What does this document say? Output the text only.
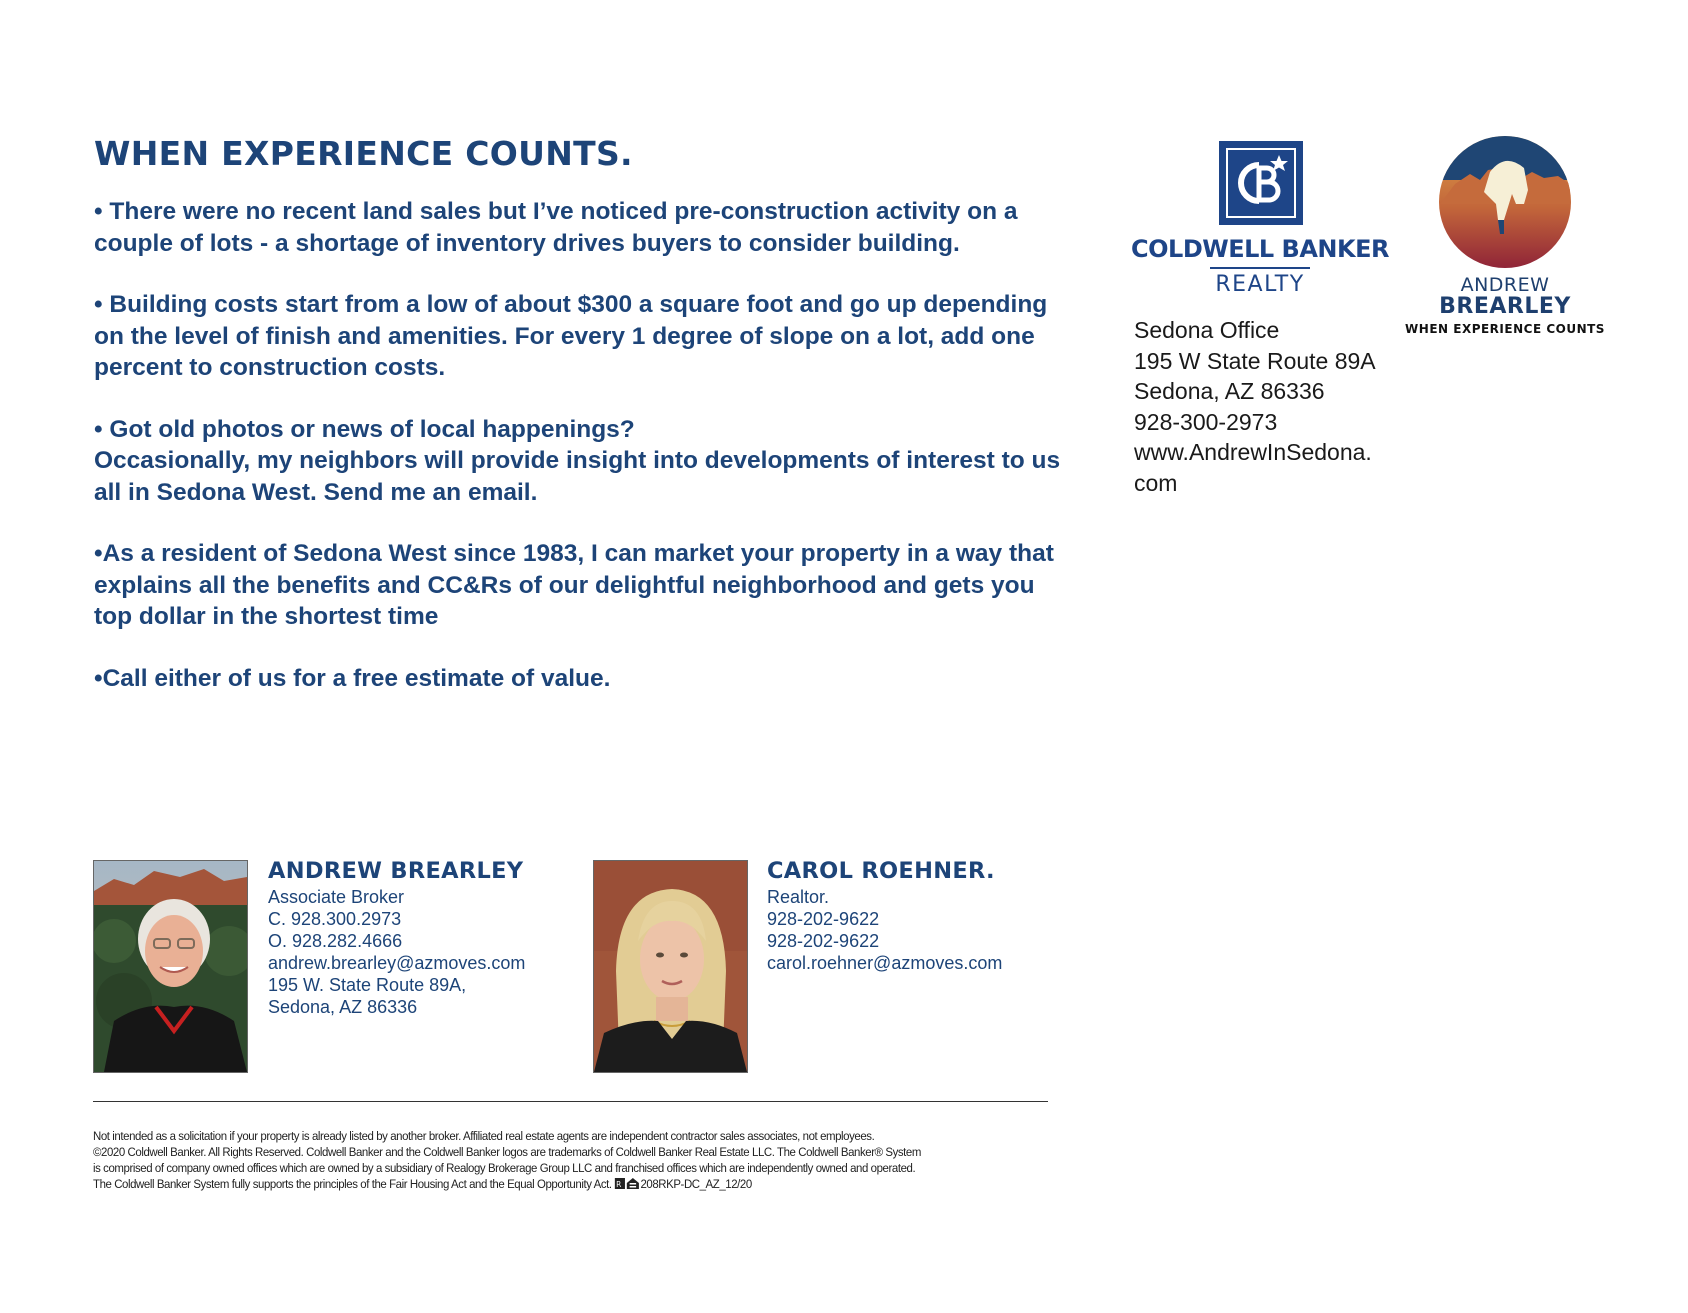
WHEN EXPERIENCE COUNTS.

• There were no recent land sales but I’ve noticed pre-construction activity on a
couple of lots - a shortage of inventory drives buyers to consider building.

• Building costs start from a low of about $300 a square foot and go up depending
on the level of finish and amenities. For every 1 degree of slope on a lot, add one
percent to construction costs.

• Got old photos or news of local happenings?
Occasionally, my neighbors will provide insight into developments of interest to us
all in Sedona West. Send me an email.

•As a resident of Sedona West since 1983, I can market your property in a way that
explains all the benefits and CC&Rs of our delightful neighborhood and gets you
top dollar in the shortest time

•Call either of us for a free estimate of value.

COLDWELL BANKER
REALTY	ANDREW
BREARLEY
WHEN EXPERIENCE COUNTS
Sedona Office
195 W State Route 89A
Sedona, AZ 86336
928-300-2973
www.AndrewInSedona.
com
ANDREW BREARLEY
Associate Broker
C. 928.300.2973
O. 928.282.4666
andrew.brearley@azmoves.com
195 W. State Route 89A,
Sedona, AZ 86336
CAROL ROEHNER.
Realtor.
928-202-9622
928-202-9622
carol.roehner@azmoves.com
Not intended as a solicitation if your property is already listed by another broker. Affiliated real estate agents are independent contractor sales associates, not employees.
©2020 Coldwell Banker. All Rights Reserved. Coldwell Banker and the Coldwell Banker logos are trademarks of Coldwell Banker Real Estate LLC. The Coldwell Banker® System
is comprised of company owned offices which are owned by a subsidiary of Realogy Brokerage Group LLC and franchised offices which are independently owned and operated.
The Coldwell Banker System fully supports the principles of the Fair Housing Act and the Equal Opportunity Act. R 208RKP-DC_AZ_12/20
